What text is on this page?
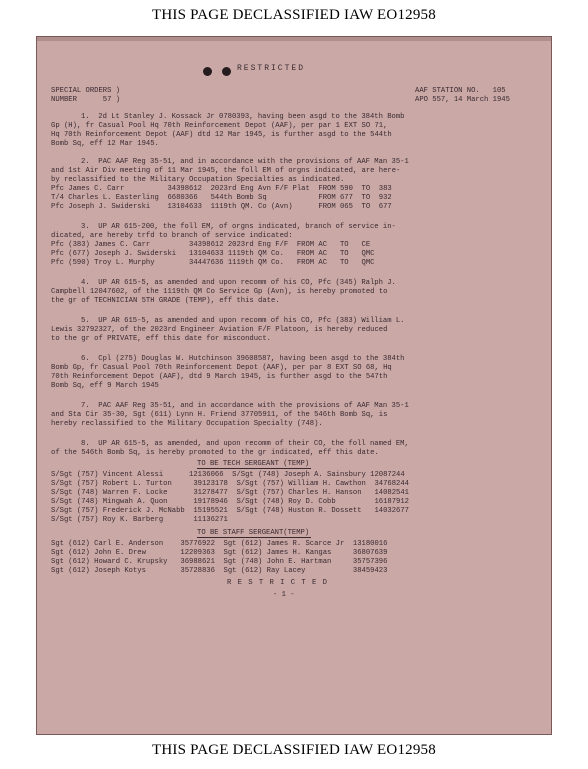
THIS PAGE DECLASSIFIED IAW EO12958
RESTRICTED
SPECIAL ORDERS )
NUMBER      57 )
AAF STATION NO.   105
APO 557, 14 March 1945
1.  2d Lt Stanley J. Kossack Jr 0780393, having been asgd to the 384th Bomb
Gp (H), fr Casual Pool Hq 70th Reinforcement Depot (AAF), per par 1 EXT SO 71,
Hq 70th Reinforcement Depot (AAF) dtd 12 Mar 1945, is further asgd to the 544th
Bomb Sq, eff 12 Mar 1945.
2.  PAC AAF Reg 35-51, and in accordance with the provisions of AAF Man 35-1
and 1st Air Div meeting of 11 Mar 1945, the foll EM of orgns indicated, are here-
by reclassified to the Military Occupation Specialties as indicated.
Pfc James C. Carr          34398612  2023rd Eng Avn F/F Plat  FROM 590  TO  383
T/4 Charles L. Easterling  6680366   544th Bomb Sq            FROM 677  TO  932
Pfc Joseph J. Swiderski    13104633  1119th QM. Co (Avn)      FROM 065  TO  677
3.  UP AR 615-200, the foll EM, of orgns indicated, branch of service in-
dicated, are hereby trfd to branch of service indicated:
Pfc (383) James C. Carr         34398612 2023rd Eng F/F  FROM AC   TO   CE
Pfc (677) Joseph J. Swiderski   13104633 1119th QM Co.   FROM AC   TO   QMC
Pfc (590) Troy L. Murphy        34447636 1119th QM Co.   FROM AC   TO   QMC
4.  UP AR 615-5, as amended and upon recomm of his CO, Pfc (345) Ralph J.
Campbell 12047602, of the 1119th QM Co Service Gp (Avn), is hereby promoted to
the gr of TECHNICIAN 5TH GRADE (TEMP), eff this date.
5.  UP AR 615-5, as amended and upon recomm of his CO, Pfc (383) William L.
Lewis 32792327, of the 2023rd Engineer Aviation F/F Platoon, is hereby reduced
to the gr of PRIVATE, eff this date for misconduct.
6.  Cpl (275) Douglas W. Hutchinson 39608587, having been asgd to the 384th
Bomb Gp, fr Casual Pool 70th Reinforcement Depot (AAF), per par 8 EXT SO 68, Hq
70th Reinforcement Depot (AAF), dtd 9 March 1945, is further asgd to the 547th
Bomb Sq, eff 9 March 1945
7.  PAC AAF Reg 35-51, and in accordance with the provisions of AAF Man 35-1
and Sta Cir 35-30, Sgt (611) Lynn H. Friend 37705911, of the 546th Bomb Sq, is
hereby reclassified to the Military Occupation Specialty (748).
8.  UP AR 615-5, as amended, and upon recomm of their CO, the foll named EM,
of the 546th Bomb Sq, is hereby promoted to the gr indicated, eff this date.
TO BE TECH SERGEANT (TEMP)
S/Sgt (757) Vincent Alessi      12136066  S/Sgt (748) Joseph A. Sainsbury 12087244
S/Sgt (757) Robert L. Turton     39123178  S/Sgt (757) William H. Cawthon  34768244
S/Sgt (748) Warren F. Locke      31278477  S/Sgt (757) Charles H. Hanson   14082541
S/Sgt (748) Mingwah A. Quon      19178946  S/Sgt (748) Roy D. Cobb         16187912
S/Sgt (757) Frederick J. McNabb  15195521  S/Sgt (748) Huston R. Dossett   14032677
S/Sgt (757) Roy K. Barberg       11136271
TO BE STAFF SERGEANT(TEMP)
Sgt (612) Carl E. Anderson    35776922  Sgt (612) James R. Scarce Jr  13180016
Sgt (612) John E. Drew        12209363  Sgt (612) James H. Kangas     36807639
Sgt (612) Howard C. Krupsky   36988621  Sgt (748) John E. Hartman     35757396
Sgt (612) Joseph Kotys        35728836  Sgt (612) Ray Lacey           38459423
R E S T R I C T E D
- 1 -
THIS PAGE DECLASSIFIED IAW EO12958
